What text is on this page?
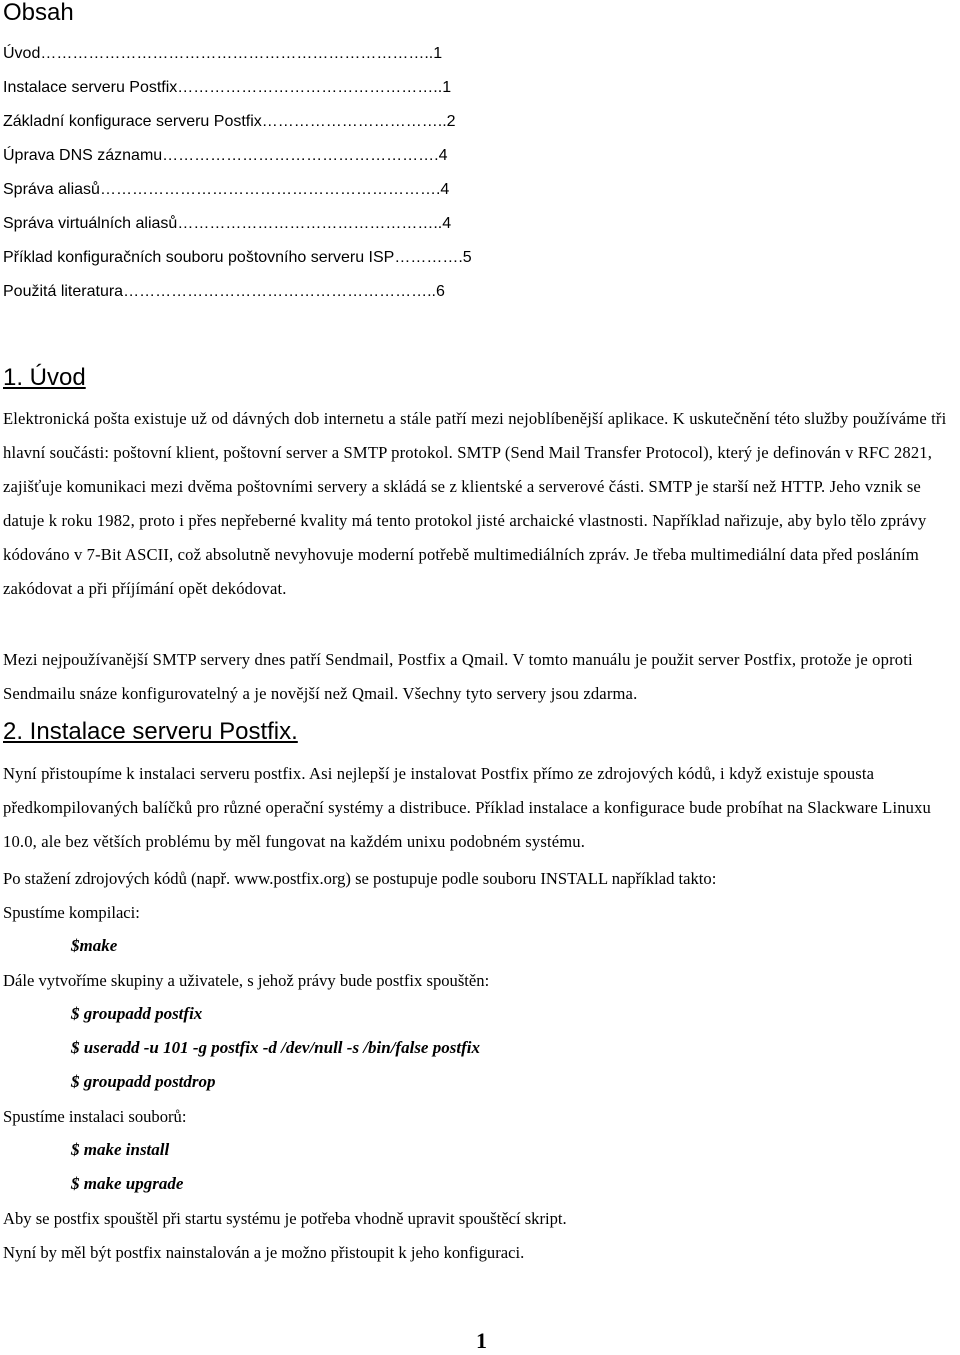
Obsah
Úvod………………………………………………………………..1
Instalace serveru Postfix…………………………………………..1
Základní konfigurace serveru Postfix……………………………..2
Úprava DNS záznamu…………………………………………….4
Správa aliasů……………………………………………………….4
Správa virtuálních aliasů…………………………………………..4
Příklad konfiguračních souboru poštovního serveru ISP………….5
Použitá literatura…………………………………………………..6
1. Úvod

Elektronická pošta existuje už od dávných dob internetu a stále patří mezi nejoblíbenější aplikace. K uskutečnění této služby používáme tři hlavní součásti: poštovní klient, poštovní server a SMTP protokol. SMTP (Send Mail Transfer Protocol), který je definován v RFC 2821, zajišťuje komunikaci mezi dvěma poštovními servery a skládá se z klientské a serverové části. SMTP je starší než HTTP. Jeho vznik se datuje k roku 1982, proto i přes nepřeberné kvality má tento protokol jisté archaické vlastnosti. Například nařizuje, aby bylo tělo zprávy kódováno v 7-Bit ASCII, což absolutně nevyhovuje moderní potřebě multimediálních zpráv. Je třeba multimediální data před posláním zakódovat a při příjímání opět dekódovat.

Mezi nejpoužívanější SMTP servery dnes patří Sendmail, Postfix a Qmail. V tomto manuálu je použit server Postfix, protože je oproti Sendmailu snáze konfigurovatelný a je novější než Qmail. Všechny tyto servery jsou zdarma.

2. Instalace serveru Postfix.

Nyní přistoupíme k instalaci serveru postfix. Asi nejlepší je instalovat Postfix přímo ze zdrojových kódů, i když existuje spousta předkompilovaných balíčků pro různé operační systémy a distribuce. Příklad instalace a konfigurace bude probíhat na Slackware Linuxu 10.0, ale bez větších problému by měl fungovat na každém unixu podobném systému.

Po stažení zdrojových kódů (např. www.postfix.org) se postupuje podle souboru INSTALL například takto:

Spustíme kompilaci:

$make

Dále vytvoříme skupiny a uživatele, s jehož právy bude postfix spouštěn:

$ groupadd postfix
$ useradd -u 101 -g postfix -d /dev/null -s /bin/false postfix
$ groupadd postdrop

Spustíme instalaci souborů:

$ make install
$ make upgrade

Aby se postfix spouštěl při startu systému je potřeba vhodně upravit spouštěcí skript.

Nyní by měl být postfix nainstalován a je možno přistoupit k jeho konfiguraci.

1
